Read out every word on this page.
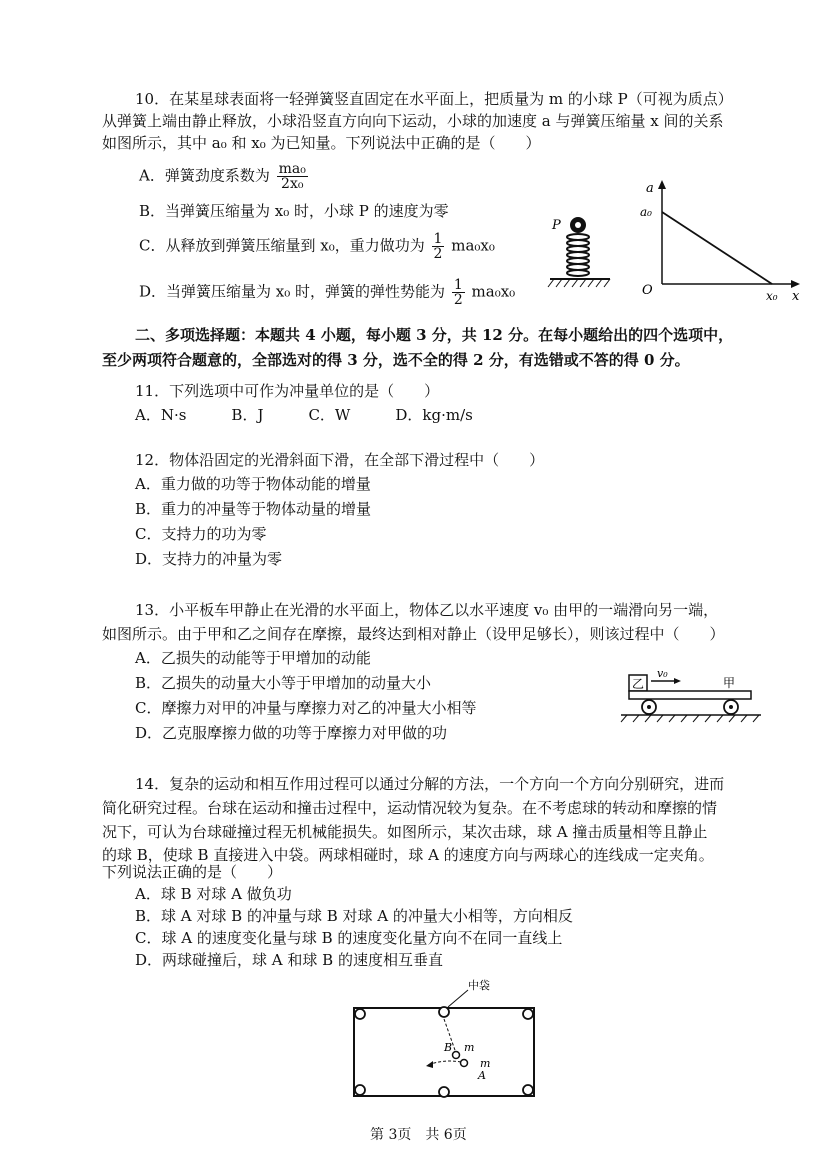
10．在某星球表面将一轻弹簧竖直固定在水平面上，把质量为 m 的小球 P（可视为质点）
从弹簧上端由静止释放，小球沿竖直方向向下运动，小球的加速度 a 与弹簧压缩量 x 间的关系
如图所示，其中 a₀ 和 x₀ 为已知量。下列说法中正确的是（　　）
A．弹簧劲度系数为 $\frac{\text{ma₀}}{\text{2x₀}}$
B．当弹簧压缩量为 x₀ 时，小球 P 的速度为零
C．从释放到弹簧压缩量到 x₀，重力做功为 $\frac{1}{2} ma_0x_0$
D．当弹簧压缩量为 x₀ 时，弹簧的弹性势能为 $\frac{1}{2} ma_0x_0$
P
a
a₀
O	x₀ x
二、多项选择题：本题共 4 小题，每小题 3 分，共 12 分。在每小题给出的四个选项中，
至少两项符合题意的，全部选对的得 3 分，选不全的得 2 分，有选错或不答的得 0 分。
11．下列选项中可作为冲量单位的是（　　）
A．N·s　　　B．J　　　C．W　　　D．kg·m/s
12．物体沿固定的光滑斜面下滑，在全部下滑过程中（　　）
A．重力做的功等于物体动能的增量
B．重力的冲量等于物体动量的增量
C．支持力的功为零
D．支持力的冲量为零
13．小平板车甲静止在光滑的水平面上，物体乙以水平速度 v₀ 由甲的一端滑向另一端，
如图所示。由于甲和乙之间存在摩擦，最终达到相对静止（设甲足够长），则该过程中（　　）
A．乙损失的动能等于甲增加的动能
B．乙损失的动量大小等于甲增加的动量大小
C．摩擦力对甲的冲量与摩擦力对乙的冲量大小相等
D．乙克服摩擦力做的功等于摩擦力对甲做的功
乙
v₀
甲
14．复杂的运动和相互作用过程可以通过分解的方法，一个方向一个方向分别研究，进而
简化研究过程。台球在运动和撞击过程中，运动情况较为复杂。在不考虑球的转动和摩擦的情
况下，可认为台球碰撞过程无机械能损失。如图所示，某次击球，球 A 撞击质量相等且静止
的球 B，使球 B 直接进入中袋。两球相碰时，球 A 的速度方向与两球心的连线成一定夹角。
下列说法正确的是（　　）
A．球 B 对球 A 做负功
B．球 A 对球 B 的冲量与球 B 对球 A 的冲量大小相等，方向相反
C．球 A 的速度变化量与球 B 的速度变化量方向不在同一直线上
D．两球碰撞后，球 A 和球 B 的速度相互垂直
中袋
B m
m
A
第 3页　共 6页
